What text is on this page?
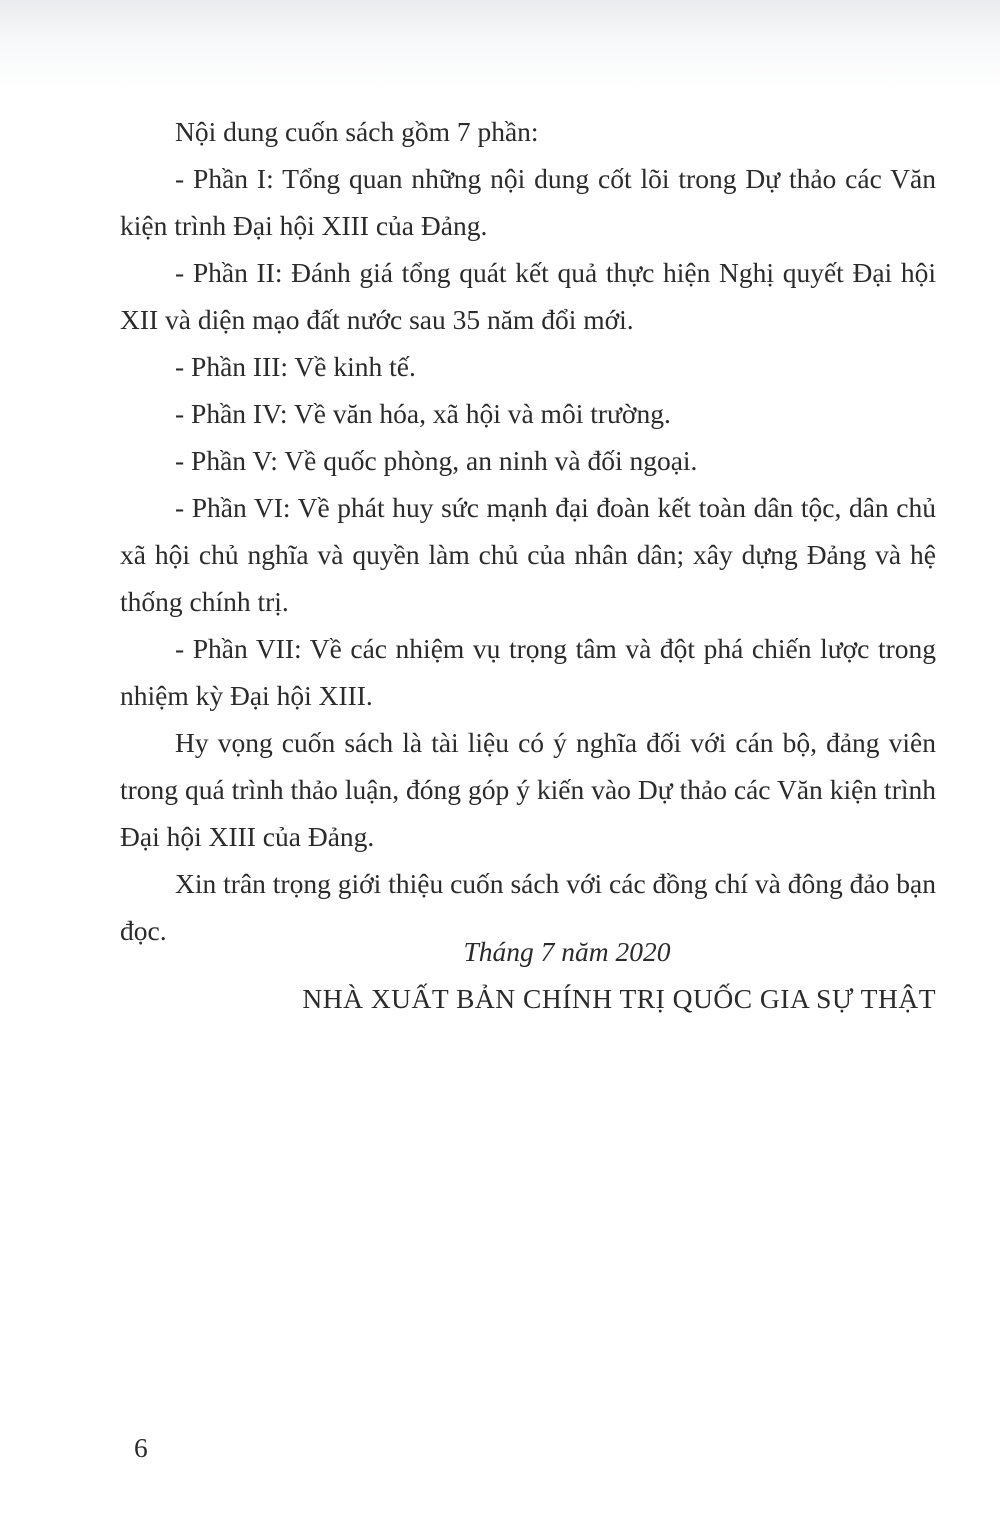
Nội dung cuốn sách gồm 7 phần:

- Phần I: Tổng quan những nội dung cốt lõi trong Dự thảo các Văn kiện trình Đại hội XIII của Đảng.

- Phần II: Đánh giá tổng quát kết quả thực hiện Nghị quyết Đại hội XII và diện mạo đất nước sau 35 năm đổi mới.

- Phần III: Về kinh tế.

- Phần IV: Về văn hóa, xã hội và môi trường.

- Phần V: Về quốc phòng, an ninh và đối ngoại.

- Phần VI: Về phát huy sức mạnh đại đoàn kết toàn dân tộc, dân chủ xã hội chủ nghĩa và quyền làm chủ của nhân dân; xây dựng Đảng và hệ thống chính trị.

- Phần VII: Về các nhiệm vụ trọng tâm và đột phá chiến lược trong nhiệm kỳ Đại hội XIII.

Hy vọng cuốn sách là tài liệu có ý nghĩa đối với cán bộ, đảng viên trong quá trình thảo luận, đóng góp ý kiến vào Dự thảo các Văn kiện trình Đại hội XIII của Đảng.

Xin trân trọng giới thiệu cuốn sách với các đồng chí và đông đảo bạn đọc.

Tháng 7 năm 2020
NHÀ XUẤT BẢN CHÍNH TRỊ QUỐC GIA SỰ THẬT
6
